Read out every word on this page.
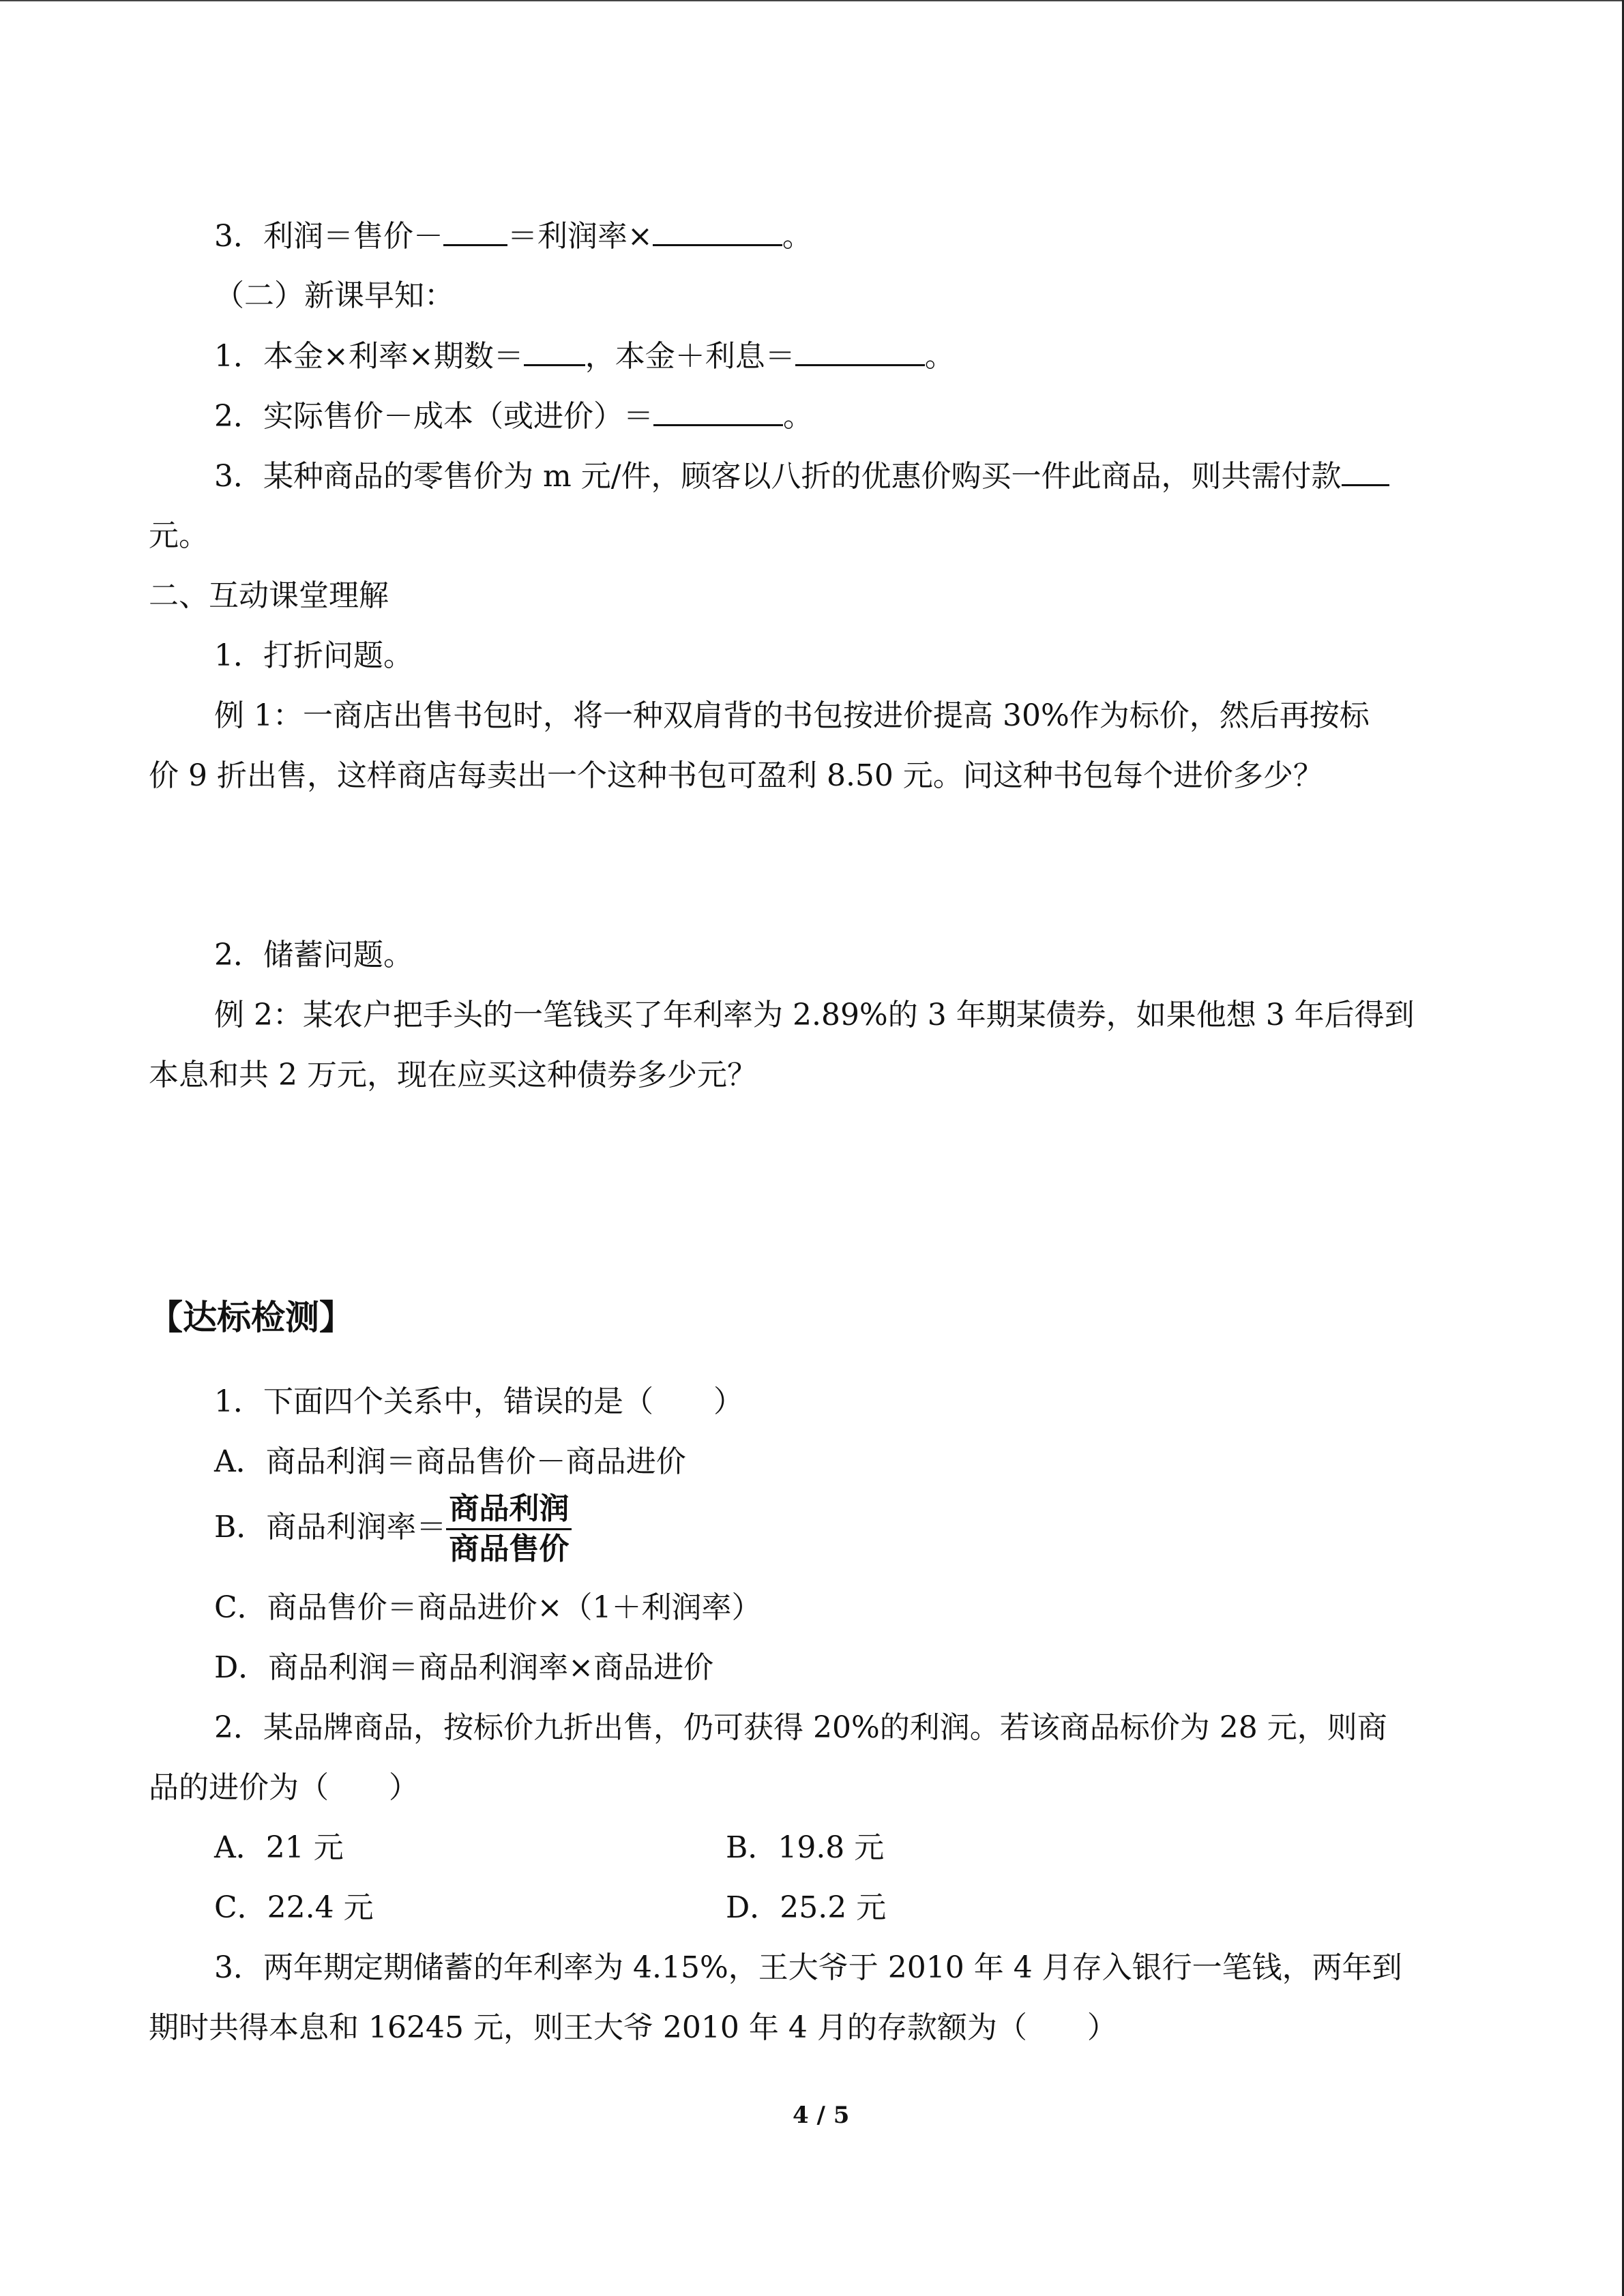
3．利润＝售价－ ＝利润率×	。
（二）新课早知：
1．本金×利率×期数＝ ，本金＋利息＝	。
2．实际售价－成本（或进价）＝	。
3．某种商品的零售价为 m 元/件，顾客以八折的优惠价购买一件此商品，则共需付款
元。
二、互动课堂理解
1．打折问题。
例 1：一商店出售书包时，将一种双肩背的书包按进价提高 30%作为标价，然后再按标
价 9 折出售，这样商店每卖出一个这种书包可盈利 8.50 元。问这种书包每个进价多少？
2．储蓄问题。
例 2：某农户把手头的一笔钱买了年利率为 2.89%的 3 年期某债券，如果他想 3 年后得到
本息和共 2 万元，现在应买这种债券多少元？
【达标检测】
1．下面四个关系中，错误的是（　　）
A．商品利润＝商品售价－商品进价
B．商品利润率＝ $\frac{\text{商品利润}}{\text{商品售价}}$
C．商品售价＝商品进价×（1＋利润率）
D．商品利润＝商品利润率×商品进价
2．某品牌商品，按标价九折出售，仍可获得 20%的利润。若该商品标价为 28 元，则商
品的进价为（　　）
A．21 元	B．19.8 元
C．22.4 元	D．25.2 元
3．两年期定期储蓄的年利率为 4.15%，王大爷于 2010 年 4 月存入银行一笔钱，两年到
期时共得本息和 16245 元，则王大爷 2010 年 4 月的存款额为（　　）
4 / 5
